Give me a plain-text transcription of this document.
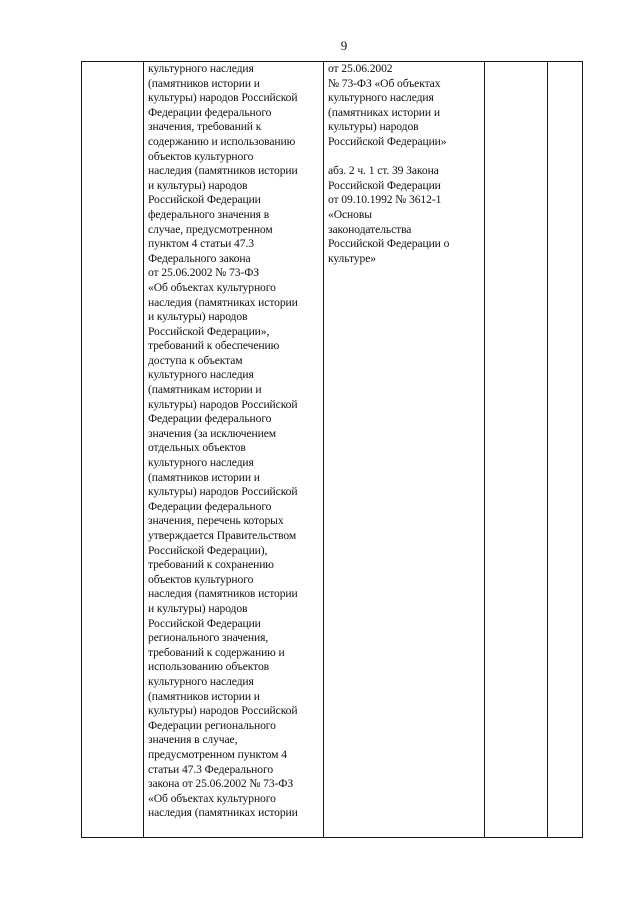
9
культурного наследия
(памятников истории и
культуры) народов Российской
Федерации федерального
значения, требований к
содержанию и использованию
объектов культурного
наследия (памятников истории
и культуры) народов
Российской Федерации
федерального значения в
случае, предусмотренном
пунктом 4 статьи 47.3
Федерального закона
от 25.06.2002 № 73-ФЗ
«Об объектах культурного
наследия (памятниках истории
и культуры) народов
Российской Федерации»,
требований к обеспечению
доступа к объектам
культурного наследия
(памятникам истории и
культуры) народов Российской
Федерации федерального
значения (за исключением
отдельных объектов
культурного наследия
(памятников истории и
культуры) народов Российской
Федерации федерального
значения, перечень которых
утверждается Правительством
Российской Федерации),
требований к сохранению
объектов культурного
наследия (памятников истории
и культуры) народов
Российской Федерации
регионального значения,
требований к содержанию и
использованию объектов
культурного наследия
(памятников истории и
культуры) народов Российской
Федерации регионального
значения в случае,
предусмотренном пунктом 4
статьи 47.3 Федерального
закона от 25.06.2002 № 73-ФЗ
«Об объектах культурного
наследия (памятниках истории
от 25.06.2002
№ 73-ФЗ «Об объектах
культурного наследия
(памятниках истории и
культуры) народов
Российской Федерации»
абз. 2 ч. 1 ст. 39 Закона
Российской Федерации
от 09.10.1992 № 3612-1
«Основы
законодательства
Российской Федерации о
культуре»
